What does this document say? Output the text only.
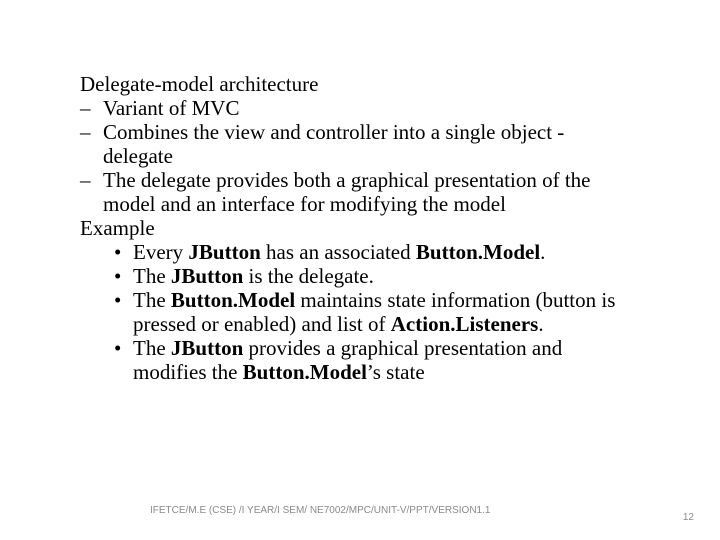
Delegate-model architecture
– Variant of MVC
– Combines the view and controller into a single object -
delegate
– The delegate provides both a graphical presentation of the
model and an interface for modifying the model
Example
• Every JButton has an associated Button.Model.
• The JButton is the delegate.
• The Button.Model maintains state information (button is
pressed or enabled) and list of Action.Listeners.
• The JButton provides a graphical presentation and
modifies the Button.Model’s state
IFETCE/M.E (CSE) /I YEAR/I SEM/ NE7002/MPC/UNIT-V/PPT/VERSION1.1
12
